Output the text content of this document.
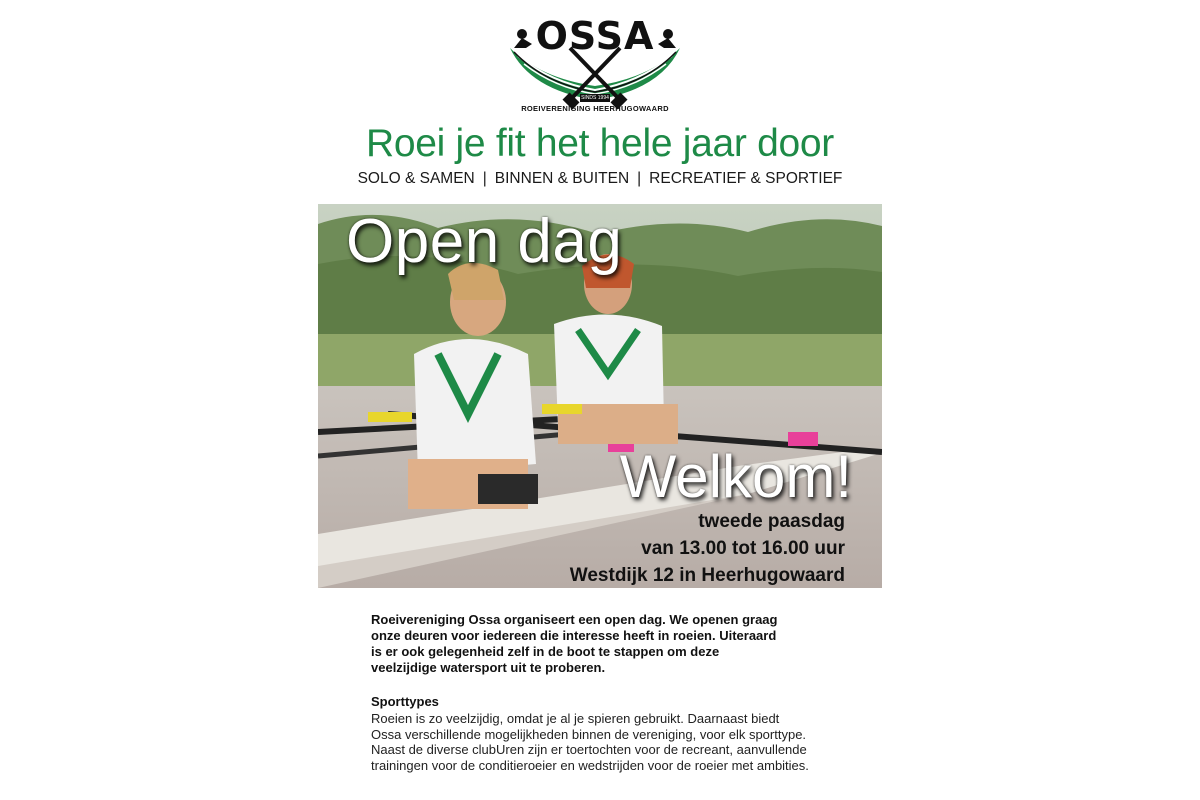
OSSA
SINDS 1994
ROEIVERENIGING HEERHUGOWAARD
Roei je fit het hele jaar door
SOLO & SAMEN | BINNEN & BUITEN | RECREATIEF & SPORTIEF
Open dag
Welkom!
tweede paasdag
van 13.00 tot 16.00 uur
Westdijk 12 in Heerhugowaard
Roeivereniging Ossa organiseert een open dag. We openen graag
onze deuren voor iedereen die interesse heeft in roeien. Uiteraard
is er ook gelegenheid zelf in de boot te stappen om deze
veelzijdige watersport uit te proberen.
Sporttypes
Roeien is zo veelzijdig, omdat je al je spieren gebruikt. Daarnaast biedt
Ossa verschillende mogelijkheden binnen de vereniging, voor elk sporttype.
Naast de diverse clubUren zijn er toertochten voor de recreant, aanvullende
trainingen voor de conditieroeier en wedstrijden voor de roeier met ambities.
